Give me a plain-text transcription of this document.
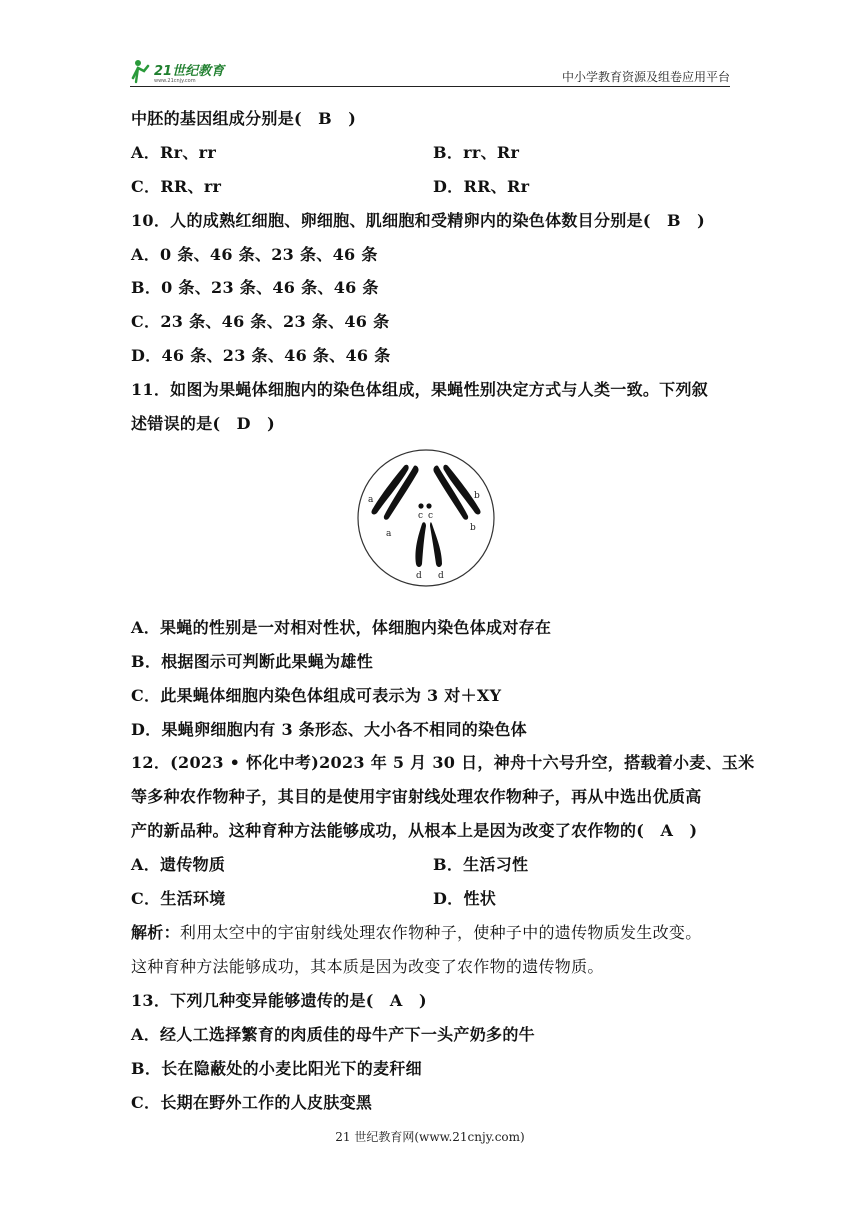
21世纪教育
www.21cnjy.com	中小学教育资源及组卷应用平台
中胚的基因组成分别是(　B　)
A．Rr、rr	B．rr、Rr
C．RR、rr	D．RR、Rr
10．人的成熟红细胞、卵细胞、肌细胞和受精卵内的染色体数目分别是(　B　)
A．0 条、46 条、23 条、46 条
B．0 条、23 条、46 条、46 条
C．23 条、46 条、23 条、46 条
D．46 条、23 条、46 条、46 条
11．如图为果蝇体细胞内的染色体组成，果蝇性别决定方式与人类一致。下列叙
述错误的是(　D　)
a
a
b
b
c c
d d
A．果蝇的性别是一对相对性状，体细胞内染色体成对存在
B．根据图示可判断此果蝇为雄性
C．此果蝇体细胞内染色体组成可表示为 3 对＋XY
D．果蝇卵细胞内有 3 条形态、大小各不相同的染色体
12．(2023 • 怀化中考)2023 年 5 月 30 日，神舟十六号升空，搭载着小麦、玉米
等多种农作物种子，其目的是使用宇宙射线处理农作物种子，再从中选出优质高
产的新品种。这种育种方法能够成功，从根本上是因为改变了农作物的(　A　)
A．遗传物质	B．生活习性
C．生活环境	D．性状
解析：利用太空中的宇宙射线处理农作物种子，使种子中的遗传物质发生改变。
这种育种方法能够成功，其本质是因为改变了农作物的遗传物质。
13．下列几种变异能够遗传的是(　A　)
A．经人工选择繁育的肉质佳的母牛产下一头产奶多的牛
B．长在隐蔽处的小麦比阳光下的麦秆细
C．长期在野外工作的人皮肤变黑
21 世纪教育网(www.21cnjy.com)
